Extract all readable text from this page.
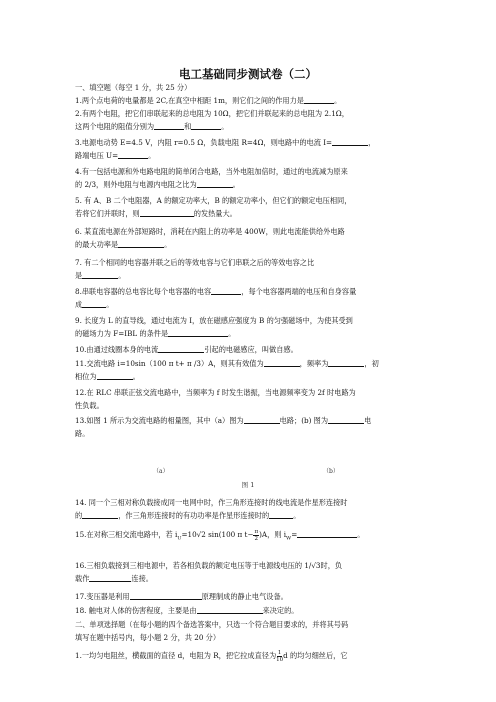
电工基础同步测试卷（二）
一、填空题（每空 1 分，共 25 分）
1.两个点电荷的电量都是 2C,在真空中相距 1m，则它们之间的作用力是	。
2.有两个电阻，把它们串联起来的总电阻为 10Ω，把它们并联起来的总电阻为 2.1Ω，
这两个电阻的阻值分别为	和	。
3.电源电动势 E=4.5 V，内阻 r=0.5 Ω，负载电阻 R=4Ω，则电路中的电流 I=	，
路端电压 U=	。
4.有一包括电源和外电路电阻的简单闭合电路，当外电阻加倍时，通过的电流减为原来
的 2/3，则外电阻与电源内电阻之比为	。
5. 有 A、B 二个电阻器，A 的额定功率大，B 的额定功率小，但它们的额定电压相同，
若将它们并联时，则	的发热量大。
6. 某直流电源在外部短路时，消耗在内阻上的功率是 400W，则此电流能供给外电路
的最大功率是	。
7. 有二个相同的电容器并联之后的等效电容与它们串联之后的等效电容之比
是	。
8.串联电容器的总电容比每个电容器的电容	，每个电容器两端的电压和自身容量
成	。
9. 长度为 L 的直导线，通过电流为 I，放在磁感应强度为 B 的匀强磁场中，为使其受到
的磁场力为 F=IBL 的条件是	。
10.由通过线圈本身的电流	引起的电磁感应，叫做自感。
11.交流电路 i=10sin（100 π t+ π /3）A，则其有效值为	，频率为	，初
相位为	。
12.在 RLC 串联正弦交流电路中，当频率为 f 时发生谐振，当电源频率变为 2f 时电路为
性负载。
13.如图 1 所示为交流电路的相量图，其中（a）图为	电路；(b) 图为	电
路。
（a）	（b）
图 1
14. 同一个三相对称负载接成同一电网中时，作三角形连接时的线电流是作星形连接时
的	，作三角形连接时的有功功率是作星形连接时的	。
15.在对称三相交流电路中，若 $i_U=10√2$ sin(100 π $t- \frac{\pi}{2} )A$，则 $i_W=$	。
16.三相负载接到三相电源中，若各相负载的额定电压等于电源线电压的 1/√3时，负
载作	连接。
17.变压器是利用	原理制成的静止电气设备。
18. 触电对人体的伤害程度，主要是由	来决定的。
二、单项选择题（在每小题的四个备选答案中，只选一个符合题目要求的，并将其号码
填写在题中括号内，每小题 2 分，共 20 分）
1.一均匀电阻丝，横截面的直径 d，电阻为 R，把它拉成直径为 $\frac{1}{10}$ d 的均匀细丝后，它
